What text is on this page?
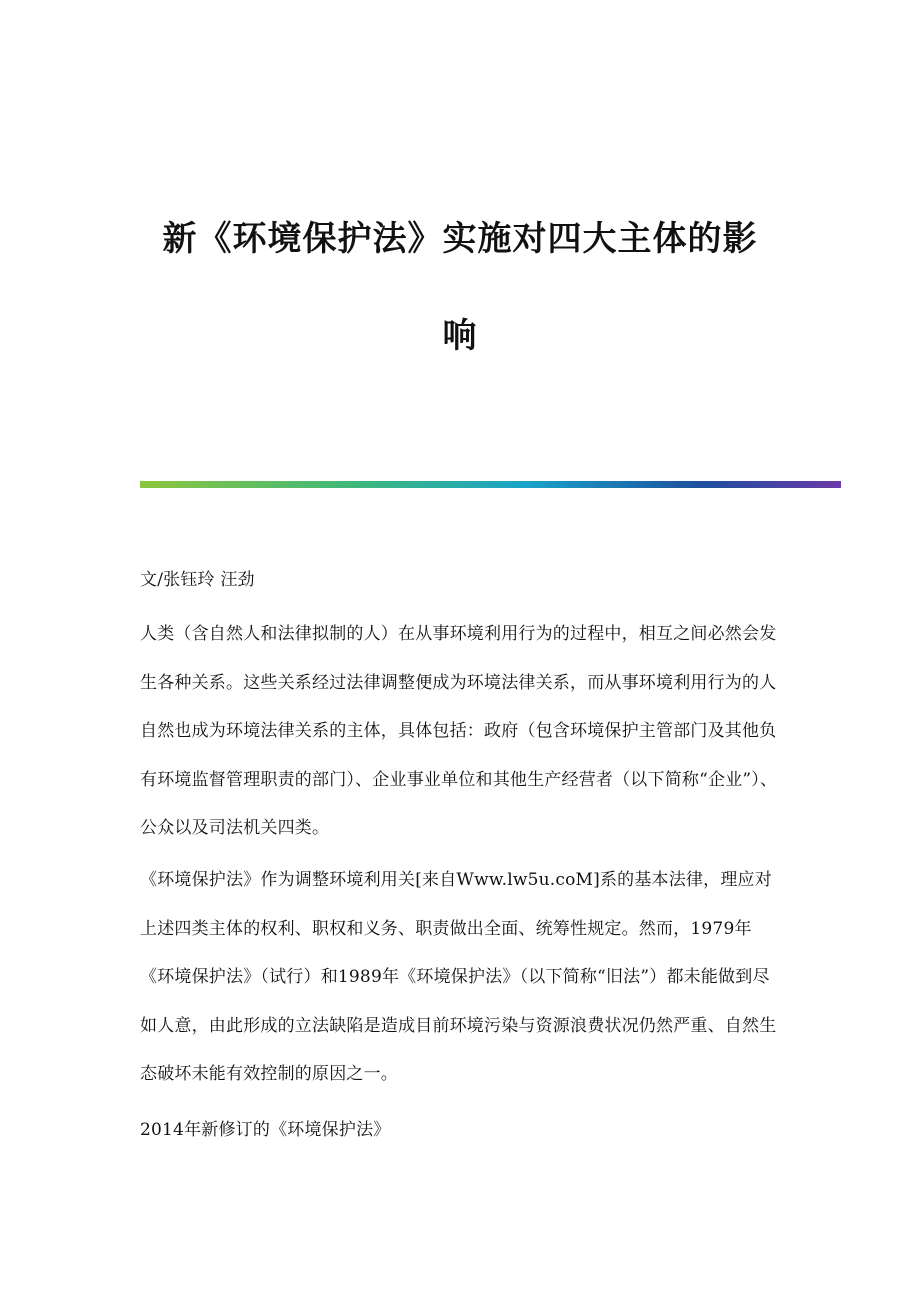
新《环境保护法》实施对四大主体的影
响
文/张钰玲 汪劲

人类（含自然人和法律拟制的人）在从事环境利用行为的过程中，相互之间必然会发生各种关系。这些关系经过法律调整便成为环境法律关系，而从事环境利用行为的人自然也成为环境法律关系的主体，具体包括：政府（包含环境保护主管部门及其他负有环境监督管理职责的部门）、企业事业单位和其他生产经营者（以下简称“企业”）、公众以及司法机关四类。

《环境保护法》作为调整环境利用关[来自Www.lw5u.coM]系的基本法律，理应对上述四类主体的权利、职权和义务、职责做出全面、统筹性规定。然而，1979年《环境保护法》（试行）和1989年《环境保护法》（以下简称“旧法”）都未能做到尽如人意，由此形成的立法缺陷是造成目前环境污染与资源浪费状况仍然严重、自然生态破坏未能有效控制的原因之一。

2014年新修订的《环境保护法》
